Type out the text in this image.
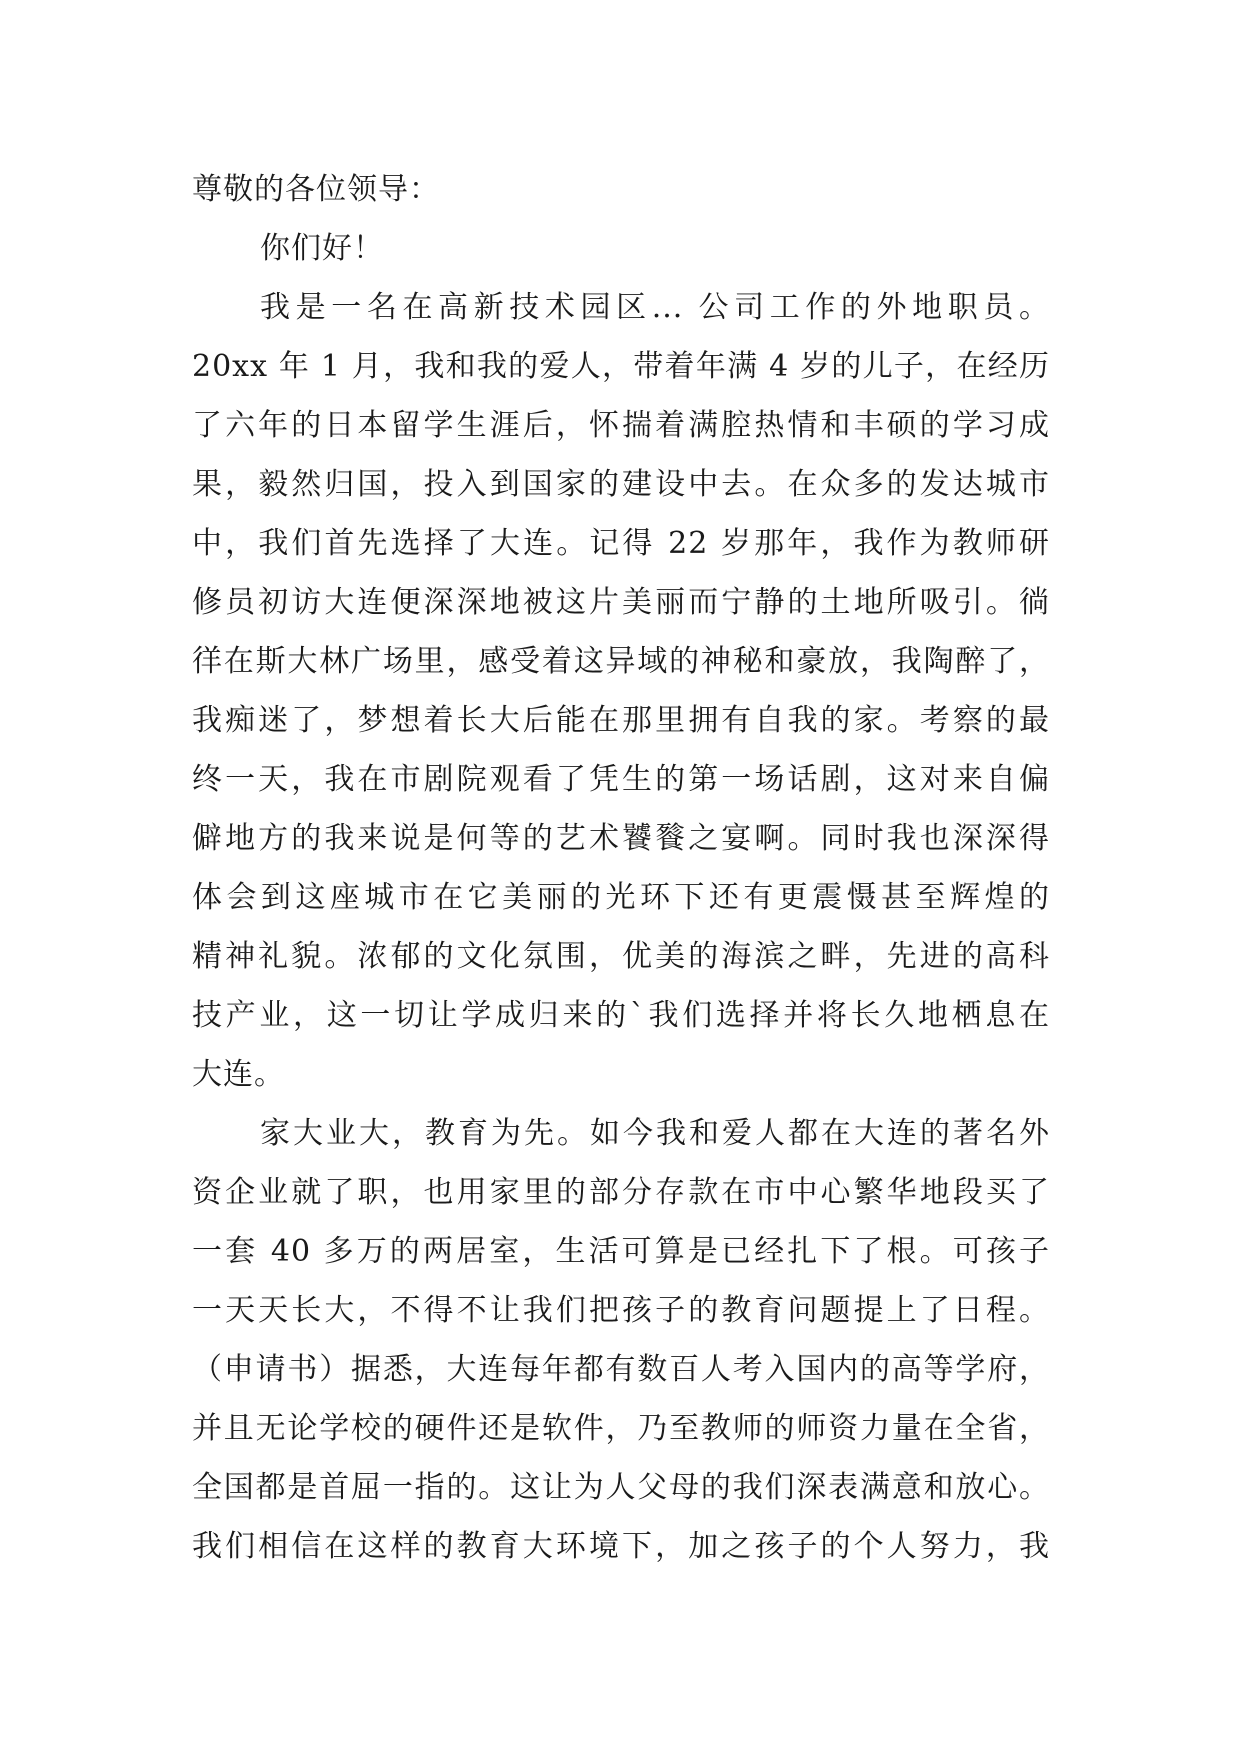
尊敬的各位领导：
你们好！
我是一名在高新技术园区... 公司工作的外地职员。
20xx 年 1 月，我和我的爱人，带着年满 4 岁的儿子，在经历
了六年的日本留学生涯后，怀揣着满腔热情和丰硕的学习成
果，毅然归国，投入到国家的建设中去。在众多的发达城市
中，我们首先选择了大连。记得 22 岁那年，我作为教师研
修员初访大连便深深地被这片美丽而宁静的土地所吸引。徜
徉在斯大林广场里，感受着这异域的神秘和豪放，我陶醉了，
我痴迷了，梦想着长大后能在那里拥有自我的家。考察的最
终一天，我在市剧院观看了凭生的第一场话剧，这对来自偏
僻地方的我来说是何等的艺术饕餮之宴啊。同时我也深深得
体会到这座城市在它美丽的光环下还有更震慑甚至辉煌的
精神礼貌。浓郁的文化氛围，优美的海滨之畔，先进的高科
技产业，这一切让学成归来的`我们选择并将长久地栖息在
大连。
家大业大，教育为先。如今我和爱人都在大连的著名外
资企业就了职，也用家里的部分存款在市中心繁华地段买了
一套 40 多万的两居室，生活可算是已经扎下了根。可孩子
一天天长大，不得不让我们把孩子的教育问题提上了日程。
（申请书）据悉，大连每年都有数百人考入国内的高等学府，
并且无论学校的硬件还是软件，乃至教师的师资力量在全省，
全国都是首屈一指的。这让为人父母的我们深表满意和放心。
我们相信在这样的教育大环境下，加之孩子的个人努力，我
